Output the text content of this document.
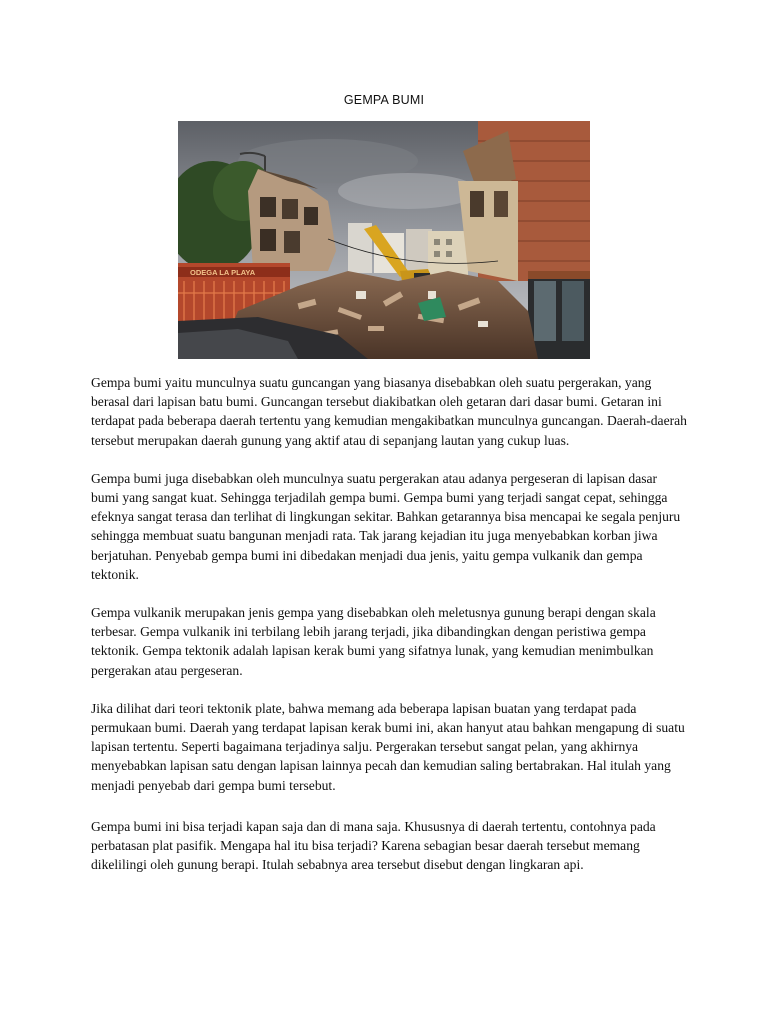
GEMPA BUMI
ODEGA LA PLAYA

Gempa bumi yaitu munculnya suatu guncangan yang biasanya disebabkan oleh suatu pergerakan, yang berasal dari lapisan batu bumi. Guncangan tersebut diakibatkan oleh getaran dari dasar bumi. Getaran ini terdapat pada beberapa daerah tertentu yang kemudian mengakibatkan munculnya guncangan. Daerah-daerah tersebut merupakan daerah gunung yang aktif atau di sepanjang lautan yang cukup luas.

Gempa bumi juga disebabkan oleh munculnya suatu pergerakan atau adanya pergeseran di lapisan dasar bumi yang sangat kuat. Sehingga terjadilah gempa bumi. Gempa bumi yang terjadi sangat cepat, sehingga efeknya sangat terasa dan terlihat di lingkungan sekitar. Bahkan getarannya bisa mencapai ke segala penjuru sehingga membuat suatu bangunan menjadi rata. Tak jarang kejadian itu juga menyebabkan korban jiwa berjatuhan. Penyebab gempa bumi ini dibedakan menjadi dua jenis, yaitu gempa vulkanik dan gempa tektonik.

Gempa vulkanik merupakan jenis gempa yang disebabkan oleh meletusnya gunung berapi dengan skala terbesar. Gempa vulkanik ini terbilang lebih jarang terjadi, jika dibandingkan dengan peristiwa gempa tektonik. Gempa tektonik adalah lapisan kerak bumi yang sifatnya lunak, yang kemudian menimbulkan pergerakan atau pergeseran.

Jika dilihat dari teori tektonik plate, bahwa memang ada beberapa lapisan buatan yang terdapat pada permukaan bumi. Daerah yang terdapat lapisan kerak bumi ini, akan hanyut atau bahkan mengapung di suatu lapisan tertentu. Seperti bagaimana terjadinya salju. Pergerakan tersebut sangat pelan, yang akhirnya menyebabkan lapisan satu dengan lapisan lainnya pecah dan kemudian saling bertabrakan. Hal itulah yang menjadi penyebab dari gempa bumi tersebut.

Gempa bumi ini bisa terjadi kapan saja dan di mana saja. Khususnya di daerah tertentu, contohnya pada perbatasan plat pasifik. Mengapa hal itu bisa terjadi? Karena sebagian besar daerah tersebut memang dikelilingi oleh gunung berapi. Itulah sebabnya area tersebut disebut dengan lingkaran api.
